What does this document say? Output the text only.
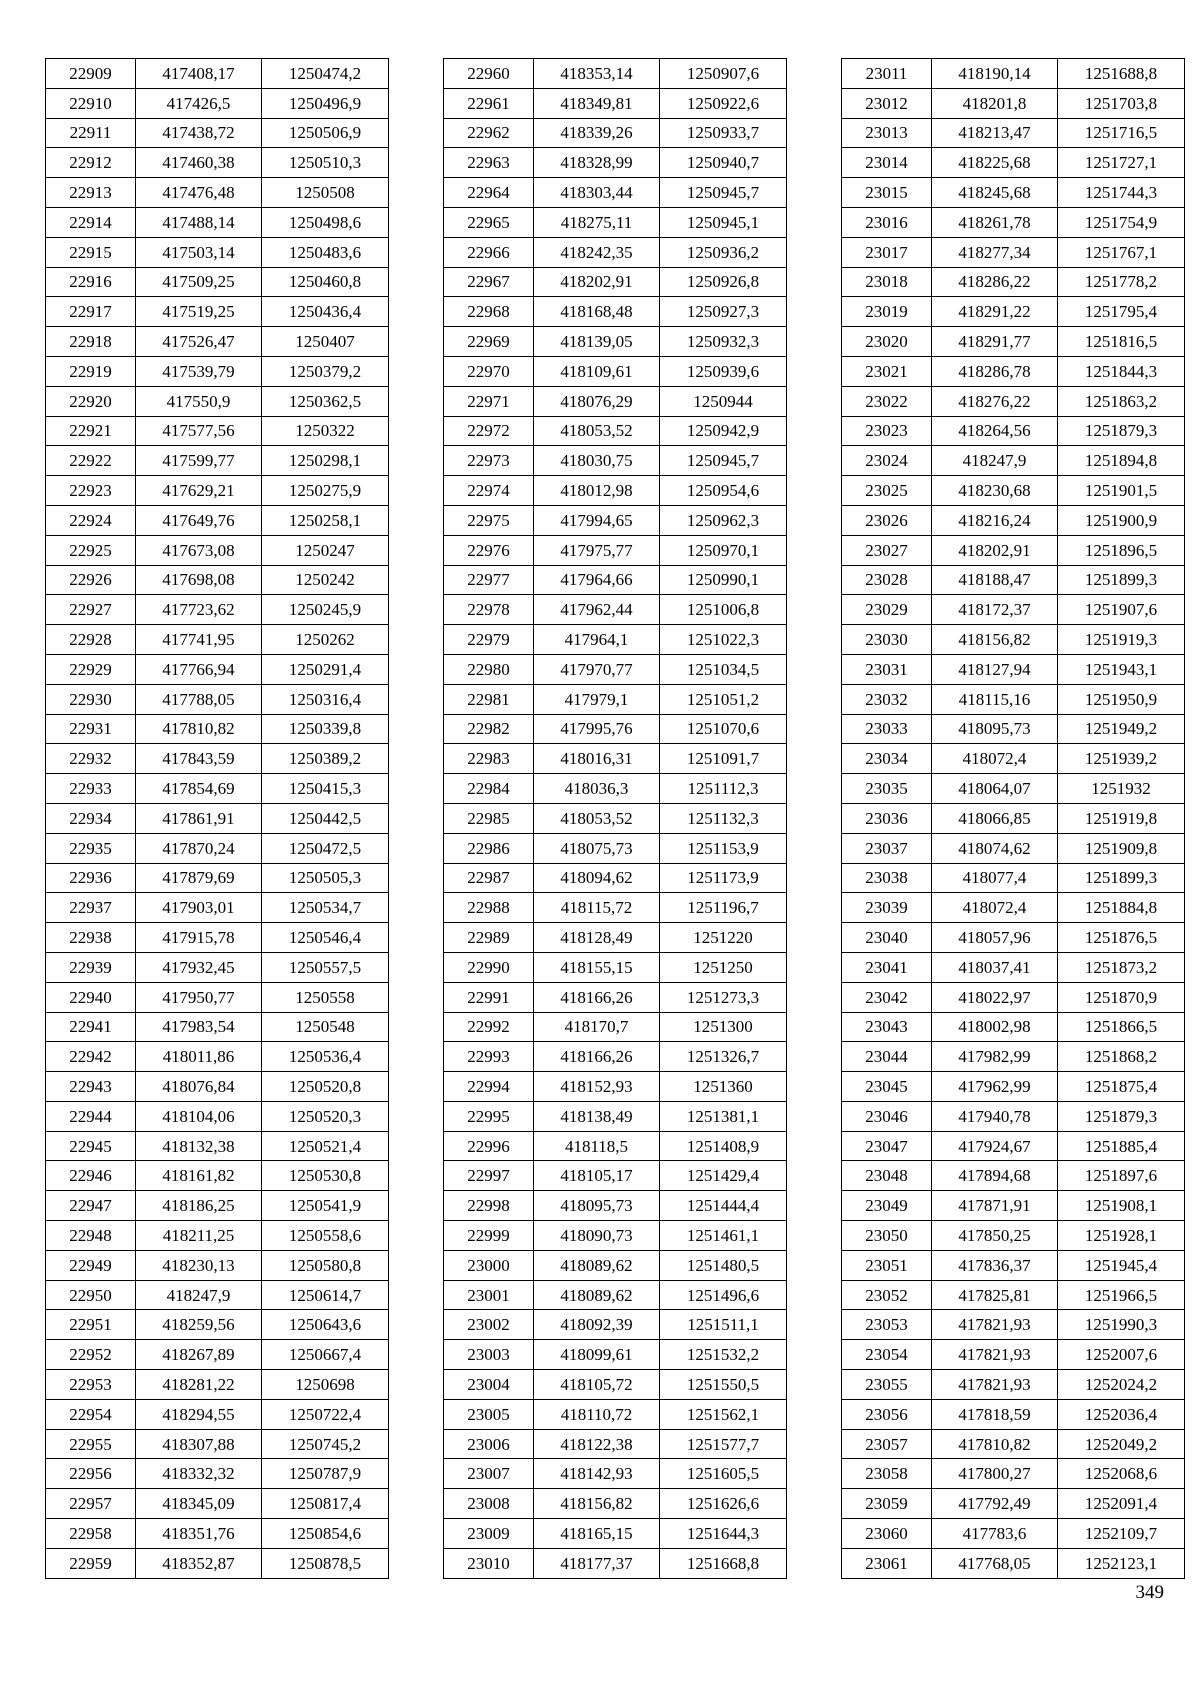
22909	417408,17	1250474,2
22910	417426,5	1250496,9
22911	417438,72	1250506,9
22912	417460,38	1250510,3
22913	417476,48	1250508
22914	417488,14	1250498,6
22915	417503,14	1250483,6
22916	417509,25	1250460,8
22917	417519,25	1250436,4
22918	417526,47	1250407
22919	417539,79	1250379,2
22920	417550,9	1250362,5
22921	417577,56	1250322
22922	417599,77	1250298,1
22923	417629,21	1250275,9
22924	417649,76	1250258,1
22925	417673,08	1250247
22926	417698,08	1250242
22927	417723,62	1250245,9
22928	417741,95	1250262
22929	417766,94	1250291,4
22930	417788,05	1250316,4
22931	417810,82	1250339,8
22932	417843,59	1250389,2
22933	417854,69	1250415,3
22934	417861,91	1250442,5
22935	417870,24	1250472,5
22936	417879,69	1250505,3
22937	417903,01	1250534,7
22938	417915,78	1250546,4
22939	417932,45	1250557,5
22940	417950,77	1250558
22941	417983,54	1250548
22942	418011,86	1250536,4
22943	418076,84	1250520,8
22944	418104,06	1250520,3
22945	418132,38	1250521,4
22946	418161,82	1250530,8
22947	418186,25	1250541,9
22948	418211,25	1250558,6
22949	418230,13	1250580,8
22950	418247,9	1250614,7
22951	418259,56	1250643,6
22952	418267,89	1250667,4
22953	418281,22	1250698
22954	418294,55	1250722,4
22955	418307,88	1250745,2
22956	418332,32	1250787,9
22957	418345,09	1250817,4
22958	418351,76	1250854,6
22959	418352,87	1250878,5
22960	418353,14	1250907,6
22961	418349,81	1250922,6
22962	418339,26	1250933,7
22963	418328,99	1250940,7
22964	418303,44	1250945,7
22965	418275,11	1250945,1
22966	418242,35	1250936,2
22967	418202,91	1250926,8
22968	418168,48	1250927,3
22969	418139,05	1250932,3
22970	418109,61	1250939,6
22971	418076,29	1250944
22972	418053,52	1250942,9
22973	418030,75	1250945,7
22974	418012,98	1250954,6
22975	417994,65	1250962,3
22976	417975,77	1250970,1
22977	417964,66	1250990,1
22978	417962,44	1251006,8
22979	417964,1	1251022,3
22980	417970,77	1251034,5
22981	417979,1	1251051,2
22982	417995,76	1251070,6
22983	418016,31	1251091,7
22984	418036,3	1251112,3
22985	418053,52	1251132,3
22986	418075,73	1251153,9
22987	418094,62	1251173,9
22988	418115,72	1251196,7
22989	418128,49	1251220
22990	418155,15	1251250
22991	418166,26	1251273,3
22992	418170,7	1251300
22993	418166,26	1251326,7
22994	418152,93	1251360
22995	418138,49	1251381,1
22996	418118,5	1251408,9
22997	418105,17	1251429,4
22998	418095,73	1251444,4
22999	418090,73	1251461,1
23000	418089,62	1251480,5
23001	418089,62	1251496,6
23002	418092,39	1251511,1
23003	418099,61	1251532,2
23004	418105,72	1251550,5
23005	418110,72	1251562,1
23006	418122,38	1251577,7
23007	418142,93	1251605,5
23008	418156,82	1251626,6
23009	418165,15	1251644,3
23010	418177,37	1251668,8
23011	418190,14	1251688,8
23012	418201,8	1251703,8
23013	418213,47	1251716,5
23014	418225,68	1251727,1
23015	418245,68	1251744,3
23016	418261,78	1251754,9
23017	418277,34	1251767,1
23018	418286,22	1251778,2
23019	418291,22	1251795,4
23020	418291,77	1251816,5
23021	418286,78	1251844,3
23022	418276,22	1251863,2
23023	418264,56	1251879,3
23024	418247,9	1251894,8
23025	418230,68	1251901,5
23026	418216,24	1251900,9
23027	418202,91	1251896,5
23028	418188,47	1251899,3
23029	418172,37	1251907,6
23030	418156,82	1251919,3
23031	418127,94	1251943,1
23032	418115,16	1251950,9
23033	418095,73	1251949,2
23034	418072,4	1251939,2
23035	418064,07	1251932
23036	418066,85	1251919,8
23037	418074,62	1251909,8
23038	418077,4	1251899,3
23039	418072,4	1251884,8
23040	418057,96	1251876,5
23041	418037,41	1251873,2
23042	418022,97	1251870,9
23043	418002,98	1251866,5
23044	417982,99	1251868,2
23045	417962,99	1251875,4
23046	417940,78	1251879,3
23047	417924,67	1251885,4
23048	417894,68	1251897,6
23049	417871,91	1251908,1
23050	417850,25	1251928,1
23051	417836,37	1251945,4
23052	417825,81	1251966,5
23053	417821,93	1251990,3
23054	417821,93	1252007,6
23055	417821,93	1252024,2
23056	417818,59	1252036,4
23057	417810,82	1252049,2
23058	417800,27	1252068,6
23059	417792,49	1252091,4
23060	417783,6	1252109,7
23061	417768,05	1252123,1
349
